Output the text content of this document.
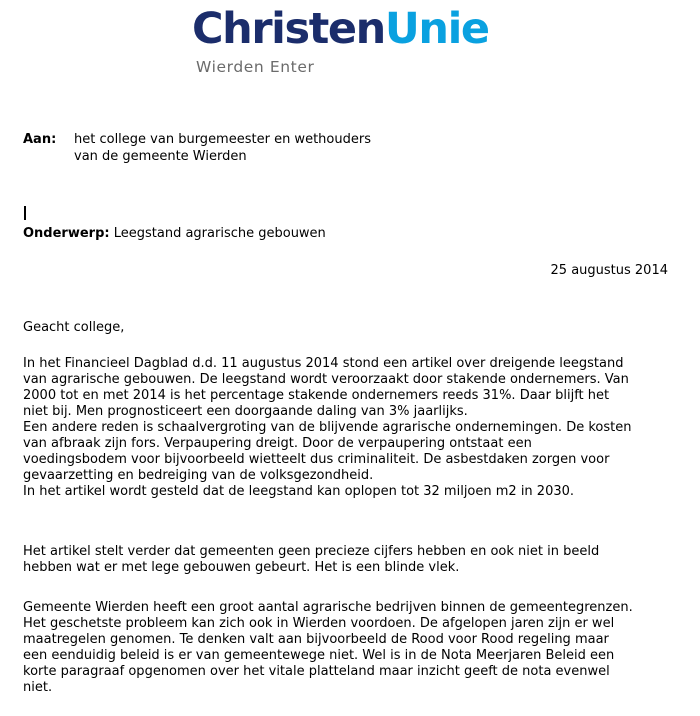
ChristenUnie
Wierden Enter
Aan: het college van burgemeester en wethouders
van de gemeente Wierden
Onderwerp: Leegstand agrarische gebouwen
25 augustus 2014
Geacht college,
In het Financieel Dagblad d.d. 11 augustus 2014 stond een artikel over dreigende leegstand
van agrarische gebouwen. De leegstand wordt veroorzaakt door stakende ondernemers. Van
2000 tot en met 2014 is het percentage stakende ondernemers reeds 31%. Daar blijft het
niet bij. Men prognosticeert een doorgaande daling van 3% jaarlijks.
Een andere reden is schaalvergroting van de blijvende agrarische ondernemingen. De kosten
van afbraak zijn fors. Verpaupering dreigt. Door de verpaupering ontstaat een
voedingsbodem voor bijvoorbeeld wietteelt dus criminaliteit. De asbestdaken zorgen voor
gevaarzetting en bedreiging van de volksgezondheid.
In het artikel wordt gesteld dat de leegstand kan oplopen tot 32 miljoen m2 in 2030.
Het artikel stelt verder dat gemeenten geen precieze cijfers hebben en ook niet in beeld
hebben wat er met lege gebouwen gebeurt. Het is een blinde vlek.
Gemeente Wierden heeft een groot aantal agrarische bedrijven binnen de gemeentegrenzen.
Het geschetste probleem kan zich ook in Wierden voordoen. De afgelopen jaren zijn er wel
maatregelen genomen. Te denken valt aan bijvoorbeeld de Rood voor Rood regeling maar
een eenduidig beleid is er van gemeentewege niet. Wel is in de Nota Meerjaren Beleid een
korte paragraaf opgenomen over het vitale platteland maar inzicht geeft de nota evenwel
niet.
